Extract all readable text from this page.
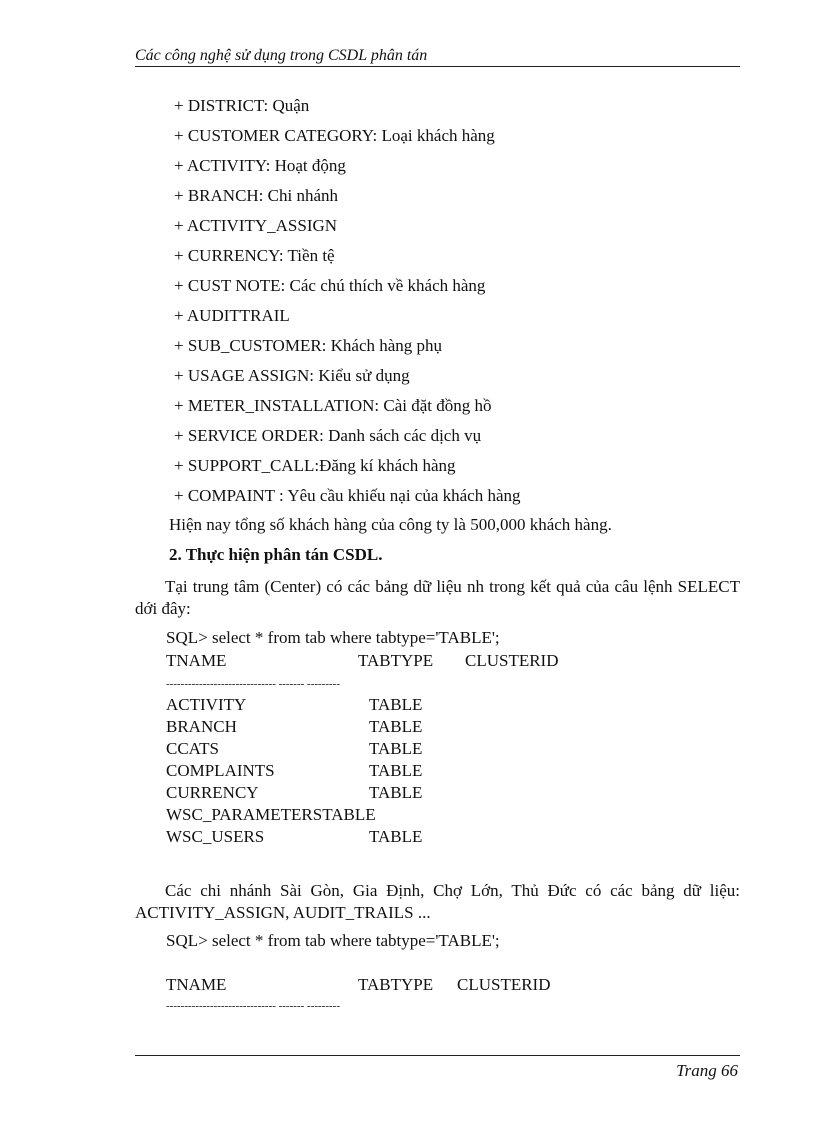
Các công nghệ sử dụng trong CSDL phân tán
+ DISTRICT: Quận
+ CUSTOMER CATEGORY: Loại khách hàng
+ ACTIVITY: Hoạt động
+ BRANCH: Chi nhánh
+ ACTIVITY_ASSIGN
+ CURRENCY: Tiền tệ
+ CUST NOTE: Các chú thích về khách hàng
+ AUDITTRAIL
+ SUB_CUSTOMER: Khách hàng phụ
+ USAGE ASSIGN: Kiểu sử dụng
+ METER_INSTALLATION: Cài đặt đồng hồ
+ SERVICE ORDER: Danh sách các dịch vụ
+ SUPPORT_CALL:Đăng kí khách hàng
+ COMPAINT : Yêu cầu khiếu nại của khách hàng
Hiện nay tổng số khách hàng của công ty là 500,000 khách hàng.
2. Thực hiện phân tán CSDL.
Tại trung tâm (Center) có các bảng dữ liệu nh trong kết quả của câu lệnh SELECT dới đây:
SQL> select * from tab where tabtype='TABLE';
TNAME	TABTYPE CLUSTERID
------------------------------ ------- ---------
ACTIVITY	TABLE
BRANCH	TABLE
CCATS	TABLE
COMPLAINTS	TABLE
CURRENCY	TABLE
WSC_PARAMETERSTABLE
WSC_USERS	TABLE
Các chi nhánh Sài Gòn, Gia Định, Chợ Lớn, Thủ Đức có các bảng dữ liệu: ACTIVITY_ASSIGN, AUDIT_TRAILS ...
SQL> select * from tab where tabtype='TABLE';
TNAME	TABTYPE CLUSTERID
------------------------------ ------- ---------
Trang 66
